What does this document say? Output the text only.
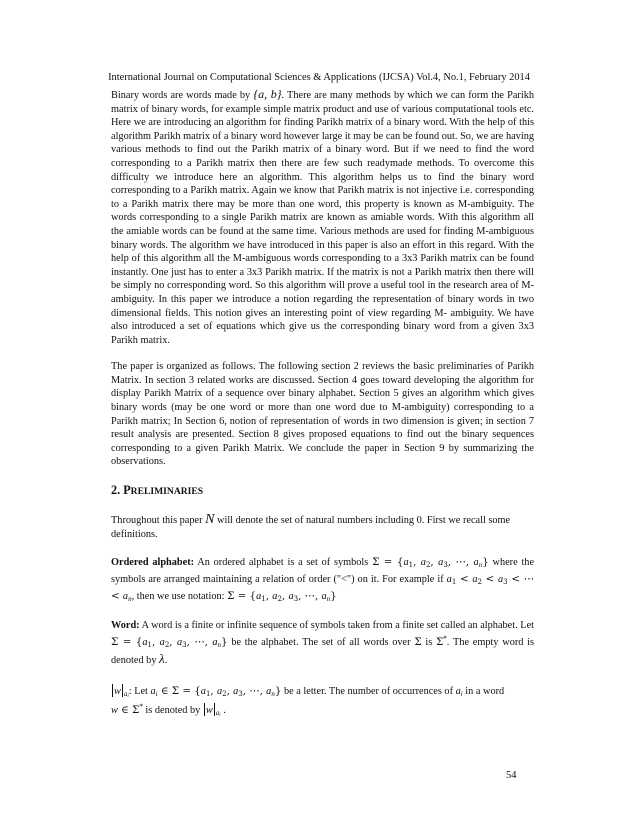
International Journal on Computational Sciences & Applications (IJCSA) Vol.4, No.1, February 2014

Binary words are words made by {a, b}. There are many methods by which we can form the Parikh matrix of binary words, for example simple matrix product and use of various computational tools etc. Here we are introducing an algorithm for finding Parikh matrix of a binary word. With the help of this algorithm Parikh matrix of a binary word however large it may be can be found out. So, we are having various methods to find out the Parikh matrix of a binary word. But if we need to find the word corresponding to a Parikh matrix then there are few such readymade methods. To overcome this difficulty we introduce here an algorithm. This algorithm helps us to find the binary word corresponding to a Parikh matrix. Again we know that Parikh matrix is not injective i.e. corresponding to a Parikh matrix there may be more than one word, this property is known as M-ambiguity. The words corresponding to a single Parikh matrix are known as amiable words. With this algorithm all the amiable words can be found at the same time. Various methods are used for finding M-ambiguous binary words. The algorithm we have introduced in this paper is also an effort in this regard. With the help of this algorithm all the M-ambiguous words corresponding to a 3x3 Parikh matrix can be found instantly. One just has to enter a 3x3 Parikh matrix. If the matrix is not a Parikh matrix then there will be simply no corresponding word. So this algorithm will prove a useful tool in the research area of M-ambiguity. In this paper we introduce a notion regarding the representation of binary words in two dimensional fields. This notion gives an interesting point of view regarding M- ambiguity. We have also introduced a set of equations which give us the corresponding binary word from a given 3x3 Parikh matrix.

The paper is organized as follows. The following section 2 reviews the basic preliminaries of Parikh Matrix. In section 3 related works are discussed. Section 4 goes toward developing the algorithm for display Parikh Matrix of a sequence over binary alphabet. Section 5 gives an algorithm which gives binary words (may be one word or more than one word due to M-ambiguity) corresponding to a Parikh matrix; In Section 6, notion of representation of words in two dimension is given; in section 7 result analysis are presented. Section 8 gives proposed equations to find out the binary sequences corresponding to a given Parikh Matrix. We conclude the paper in Section 9 by summarizing the observations.

2. PRELIMINARIES

Throughout this paper N will denote the set of natural numbers including 0. First we recall some definitions.

Ordered alphabet: An ordered alphabet is a set of symbols $\Sigma = \{a_1$, $a_2$, $a_3$, ⋯, $a_n$} where the symbols are arranged maintaining a relation of order ("<") on it. For example if $a_1 < a_2 < a_3$ < ⋯ < $a_n$, then we use notation: $\Sigma = \{a_1$, $a_2$, $a_3$, ⋯, $a_n$}

Word: A word is a finite or infinite sequence of symbols taken from a finite set called an alphabet. Let $\Sigma = \{a_1$, $a_2$, $a_3$, ⋯, $a_n$} be the alphabet. The set of all words over Σ is Σ*. The empty word is denoted by λ.

w $_{a_i}$: Let $a_i$ ∈ $\Sigma = \{a_1$, $a_2$, $a_3$, ⋯, $a_n$} be a letter. The number of occurrences of $a_i$ in a word
w ∈ Σ* is denoted by w $_{a_i}$ .

54
